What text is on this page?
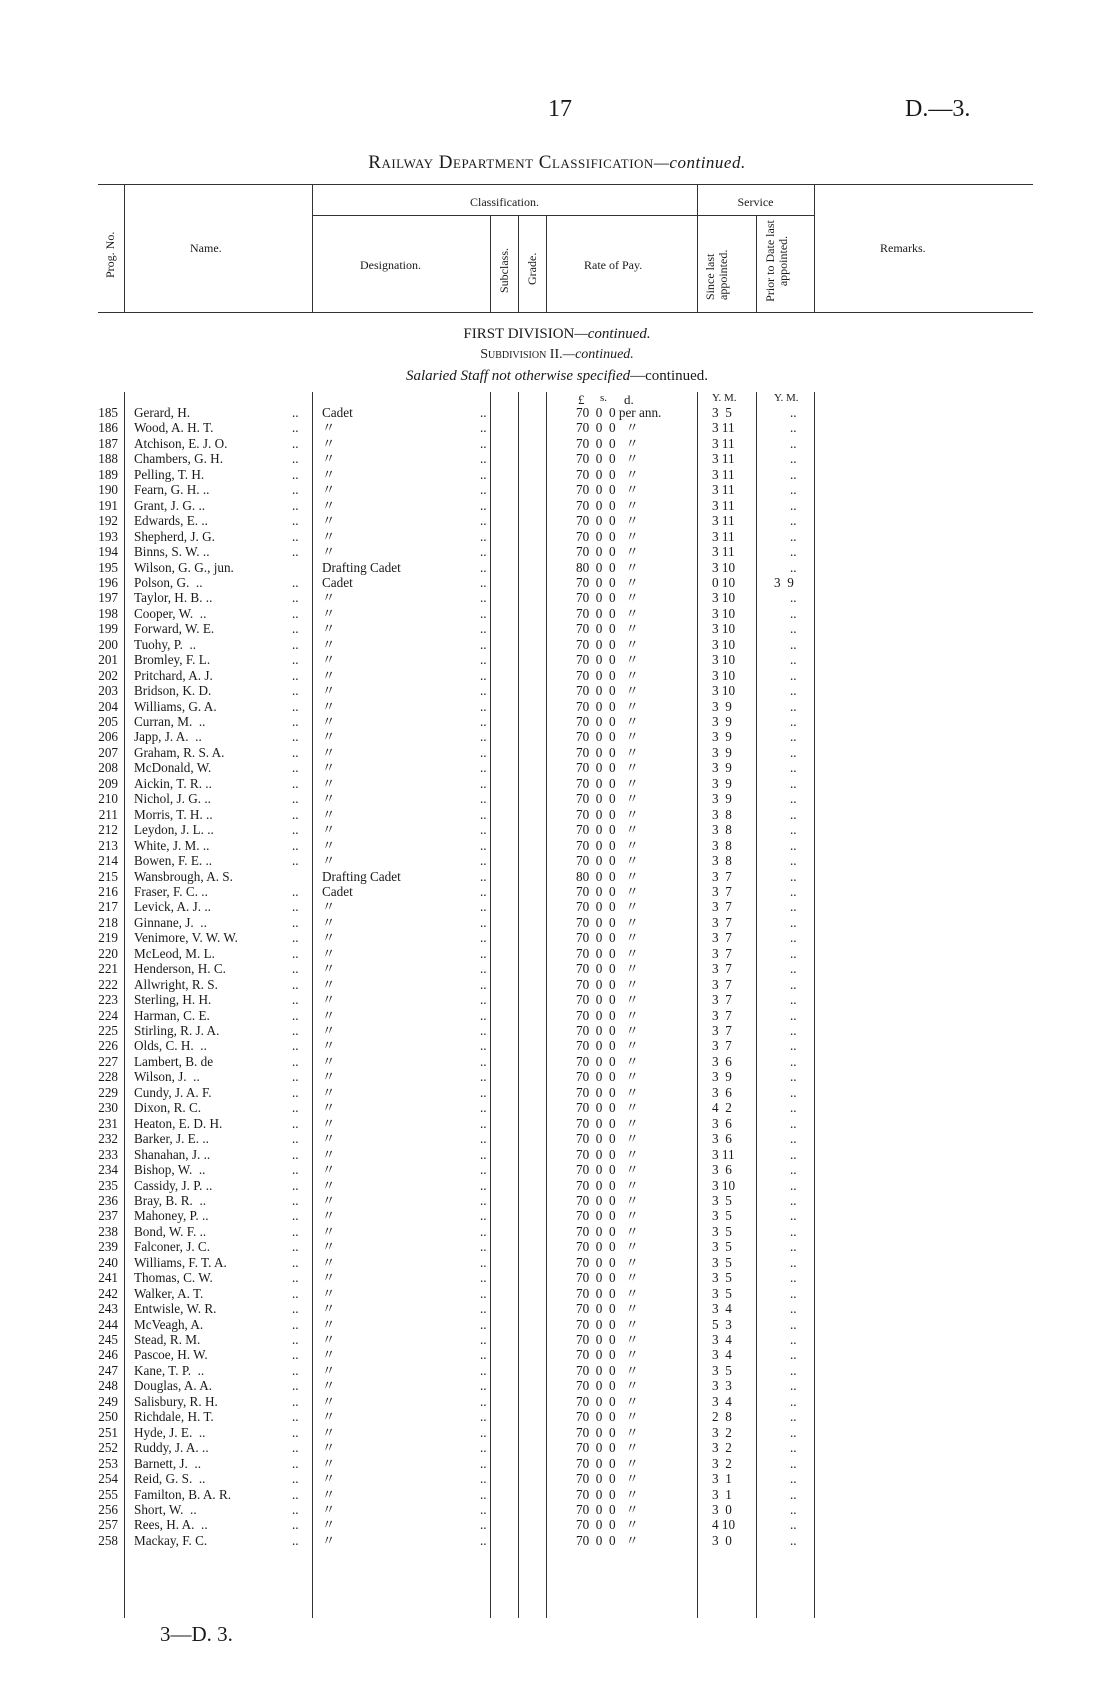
17	D.—3.
Railway Department Classification—continued.
Prog. No.	Name.
Classification.
Designation.	Subclass. Grade.	Rate of Pay.
Service
Since last appointed.	Prior to Date last appointed.	Remarks.
FIRST DIVISION—continued.
Subdivision II.—continued.
Salaried Staff not otherwise specified—continued.
£ s. d.	Y. M.	Y. M.
185 Gerard, H.	.. Cadet	..	70  0  0 per ann.	3  5	..
186 Wood, A. H. T.	.. 〃	..	70  0  0   〃	3 11	..
187 Atchison, E. J. O.	.. 〃	..	70  0  0   〃	3 11	..
188 Chambers, G. H.	.. 〃	..	70  0  0   〃	3 11	..
189 Pelling, T. H.	.. 〃	..	70  0  0   〃	3 11	..
190 Fearn, G. H. ..	.. 〃	..	70  0  0   〃	3 11	..
191 Grant, J. G. ..	.. 〃	..	70  0  0   〃	3 11	..
192 Edwards, E. ..	.. 〃	..	70  0  0   〃	3 11	..
193 Shepherd, J. G.	.. 〃	..	70  0  0   〃	3 11	..
194 Binns, S. W. ..	.. 〃	..	70  0  0   〃	3 11	..
195 Wilson, G. G., jun.	Drafting Cadet	..	80  0  0   〃	3 10	..
196 Polson, G.  ..	.. Cadet	..	70  0  0   〃	0 10	3  9
197 Taylor, H. B. ..	.. 〃	..	70  0  0   〃	3 10	..
198 Cooper, W.  ..	.. 〃	..	70  0  0   〃	3 10	..
199 Forward, W. E.	.. 〃	..	70  0  0   〃	3 10	..
200 Tuohy, P.  ..	.. 〃	..	70  0  0   〃	3 10	..
201 Bromley, F. L.	.. 〃	..	70  0  0   〃	3 10	..
202 Pritchard, A. J.	.. 〃	..	70  0  0   〃	3 10	..
203 Bridson, K. D.	.. 〃	..	70  0  0   〃	3 10	..
204 Williams, G. A.	.. 〃	..	70  0  0   〃	3  9	..
205 Curran, M.  ..	.. 〃	..	70  0  0   〃	3  9	..
206 Japp, J. A.  ..	.. 〃	..	70  0  0   〃	3  9	..
207 Graham, R. S. A.	.. 〃	..	70  0  0   〃	3  9	..
208 McDonald, W.	.. 〃	..	70  0  0   〃	3  9	..
209 Aickin, T. R. ..	.. 〃	..	70  0  0   〃	3  9	..
210 Nichol, J. G. ..	.. 〃	..	70  0  0   〃	3  9	..
211 Morris, T. H. ..	.. 〃	..	70  0  0   〃	3  8	..
212 Leydon, J. L. ..	.. 〃	..	70  0  0   〃	3  8	..
213 White, J. M. ..	.. 〃	..	70  0  0   〃	3  8	..
214 Bowen, F. E. ..	.. 〃	..	70  0  0   〃	3  8	..
215 Wansbrough, A. S.	Drafting Cadet	..	80  0  0   〃	3  7	..
216 Fraser, F. C. ..	.. Cadet	..	70  0  0   〃	3  7	..
217 Levick, A. J. ..	.. 〃	..	70  0  0   〃	3  7	..
218 Ginnane, J.  ..	.. 〃	..	70  0  0   〃	3  7	..
219 Venimore, V. W. W.	.. 〃	..	70  0  0   〃	3  7	..
220 McLeod, M. L.	.. 〃	..	70  0  0   〃	3  7	..
221 Henderson, H. C.	.. 〃	..	70  0  0   〃	3  7	..
222 Allwright, R. S.	.. 〃	..	70  0  0   〃	3  7	..
223 Sterling, H. H.	.. 〃	..	70  0  0   〃	3  7	..
224 Harman, C. E.	.. 〃	..	70  0  0   〃	3  7	..
225 Stirling, R. J. A.	.. 〃	..	70  0  0   〃	3  7	..
226 Olds, C. H.  ..	.. 〃	..	70  0  0   〃	3  7	..
227 Lambert, B. de	.. 〃	..	70  0  0   〃	3  6	..
228 Wilson, J.  ..	.. 〃	..	70  0  0   〃	3  9	..
229 Cundy, J. A. F.	.. 〃	..	70  0  0   〃	3  6	..
230 Dixon, R. C.	.. 〃	..	70  0  0   〃	4  2	..
231 Heaton, E. D. H.	.. 〃	..	70  0  0   〃	3  6	..
232 Barker, J. E. ..	.. 〃	..	70  0  0   〃	3  6	..
233 Shanahan, J. ..	.. 〃	..	70  0  0   〃	3 11	..
234 Bishop, W.  ..	.. 〃	..	70  0  0   〃	3  6	..
235 Cassidy, J. P. ..	.. 〃	..	70  0  0   〃	3 10	..
236 Bray, B. R.  ..	.. 〃	..	70  0  0   〃	3  5	..
237 Mahoney, P. ..	.. 〃	..	70  0  0   〃	3  5	..
238 Bond, W. F. ..	.. 〃	..	70  0  0   〃	3  5	..
239 Falconer, J. C.	.. 〃	..	70  0  0   〃	3  5	..
240 Williams, F. T. A.	.. 〃	..	70  0  0   〃	3  5	..
241 Thomas, C. W.	.. 〃	..	70  0  0   〃	3  5	..
242 Walker, A. T.	.. 〃	..	70  0  0   〃	3  5	..
243 Entwisle, W. R.	.. 〃	..	70  0  0   〃	3  4	..
244 McVeagh, A.	.. 〃	..	70  0  0   〃	5  3	..
245 Stead, R. M.	.. 〃	..	70  0  0   〃	3  4	..
246 Pascoe, H. W.	.. 〃	..	70  0  0   〃	3  4	..
247 Kane, T. P.  ..	.. 〃	..	70  0  0   〃	3  5	..
248 Douglas, A. A.	.. 〃	..	70  0  0   〃	3  3	..
249 Salisbury, R. H.	.. 〃	..	70  0  0   〃	3  4	..
250 Richdale, H. T.	.. 〃	..	70  0  0   〃	2  8	..
251 Hyde, J. E.  ..	.. 〃	..	70  0  0   〃	3  2	..
252 Ruddy, J. A. ..	.. 〃	..	70  0  0   〃	3  2	..
253 Barnett, J.  ..	.. 〃	..	70  0  0   〃	3  2	..
254 Reid, G. S.  ..	.. 〃	..	70  0  0   〃	3  1	..
255 Familton, B. A. R.	.. 〃	..	70  0  0   〃	3  1	..
256 Short, W.  ..	.. 〃	..	70  0  0   〃	3  0	..
257 Rees, H. A.  ..	.. 〃	..	70  0  0   〃	4 10	..
258 Mackay, F. C.	.. 〃	..	70  0  0   〃	3  0	..
3—D. 3.
